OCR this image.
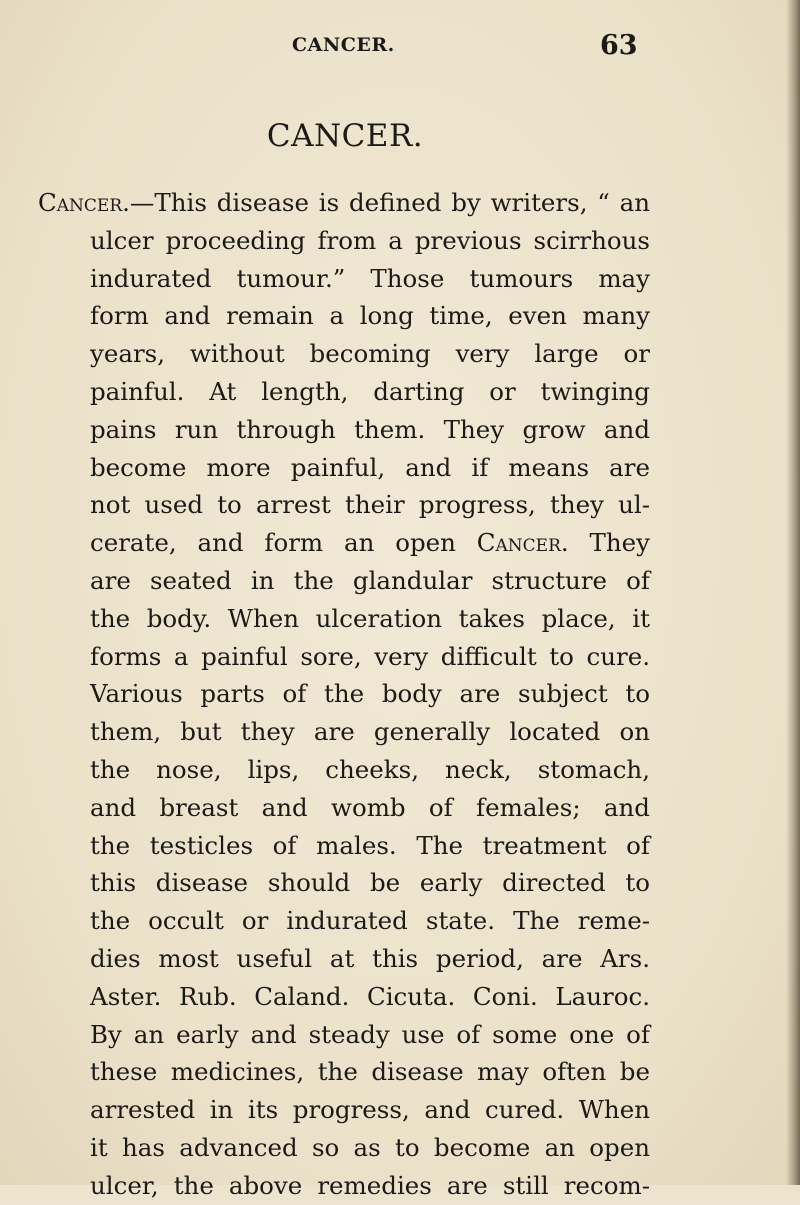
CANCER.	63
CANCER.
Cancer.—This disease is defined by writers, “ an
ulcer proceeding from a previous scirrhous
indurated tumour.” Those tumours may
form and remain a long time, even many
years, without becoming very large or
painful. At length, darting or twinging
pains run through them. They grow and
become more painful, and if means are
not used to arrest their progress, they ul-
cerate, and form an open Cancer. They
are seated in the glandular structure of
the body. When ulceration takes place, it
forms a painful sore, very difficult to cure.
Various parts of the body are subject to
them, but they are generally located on
the nose, lips, cheeks, neck, stomach,
and breast and womb of females; and
the testicles of males. The treatment of
this disease should be early directed to
the occult or indurated state. The reme-
dies most useful at this period, are Ars.
Aster. Rub. Caland. Cicuta. Coni. Lauroc.
By an early and steady use of some one of
these medicines, the disease may often be
arrested in its progress, and cured. When
it has advanced so as to become an open
ulcer, the above remedies are still recom-
